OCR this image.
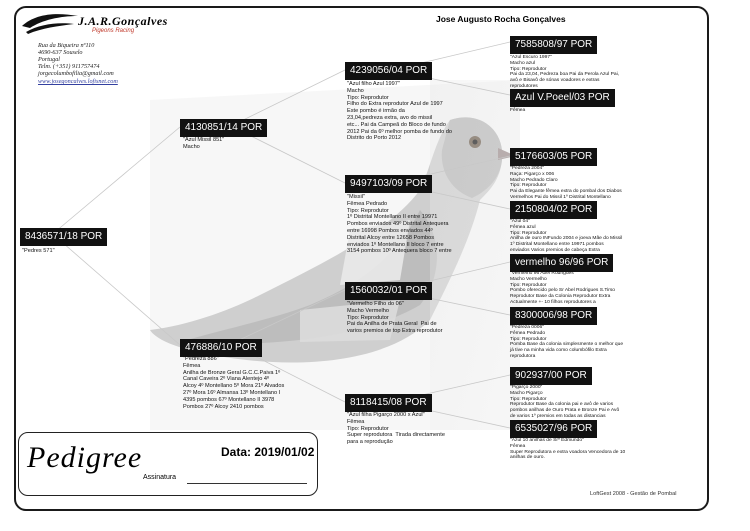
J.A.R.Gonçalves
Pigeons Racing
Rua da Biqueira nº110
4690-637 Souselo
Portugal
Telm. (+351) 911757474
jorgecolumbofilia@gmail.com
www.josegoncalves.lofisnet.com
Jose Augusto Rocha Gonçalves
8436571/18 POR
"Pedres 571"
4130851/14 POR
"Azul Missil 851"
Macho
476886/10 POR
"Pedreza 886"
Fêmea
Anilha de Bronze Geral G.C.C.Paiva 1º
Canal Caveira 2º Viana Alentejo 4º
Alcoy 4º Montellano 5º Mora 21º Alvados
27º Mora 16º Almansa 13º Montellano I
4395 pombos 67º Montellano II 3978
Pombos 27º Alcoy 2410 pombos
4239056/04 POR
"Azul filho Azul 1997"
Macho
Tipo: Reprodutor
Filho do Extra reprodutor Azul de 1997
Este pombo é irmão da
23,04,pedreza extra, avo do missil
etc... Pai da Campeã do Bloco de fundo
2012 Pai da 6º melhor pomba de fundo do
Distrito do Porto 2012
9497103/09 POR
"Missil"
Fêmea Pedrado
Tipo: Reprodutor
1º Distrital Montellano II entre 19971
Pombos enviados 49º Distrital Antequera
entre 16998 Pombos enviados 44º
Distrital Alcoy entre 12658 Pombos
enviados 1º Montellano II bloco 7 entre
3154 pombos 10º Antequera bloco 7 entre
1560032/01 POR
"Vermelho Filho do 06"
Macho Vermelho
Tipo: Reprodutor
Pai da Anilha de Prata Geral  Pai de
varios premios de top Extra reprodutor
8118415/08 POR
"Azul filha Pigarço 2000 x Azul"
Fêmea
Tipo: Reprodutor
Super reprodutora  Tirada directamente
para a reprodução
7585808/97 POR
"Azul Escuro 1997"
Macho azul
Tipo: Reprodutor
Pai da 23,04, Pedreza boa Pai da Perola Azul Pai,
avô e Bisavô de sónas voadores e extras
reprodutores
Azul V.Poeel/03 POR
Fêmea
5176603/05 POR
"Pedreza 2004"
Raça: Pigarço x 006
Macho Pedrado Claro
Tipo: Reprodutor
Pai da Elegante fêmea extra do pombal dos Diabos
Vermelhos Pai do Missil 1º Distrital Montellano
2150804/02 POR
"Azul 04"
Fêmea azul
Tipo: Reprodutor
Anilha de ouro INFundo 2004 e joeva Mãe do Missil
1º Distrital Montellano entre 19971 pombos
enviados Varios premios de cabeça Extra
vermelho 96/96 POR
"Vermelho 96 Abel Rodrigues"
Macho Vermelho
Tipo: Reprodutor
Pombo oferecido pelo Sr Abel Rodrigues S.Tirso
Reprodutor Base da Colonia Reprodutor Extra
Actualmente +- 10 filhos reprodutores a
8300006/98 POR
"Pedreza 0006"
Fêmea Pedrado
Tipo: Reprodutor
Pomba Base da colonia simplesmente o melhor que
já tive na minha vida como columbófilo Extra
reprodutora
902937/00 POR
"Pigarço 2000"
Macho Pigarço
Tipo: Reprodutor
Reprodutor Base da colonia pai e avô de varios
pombos anilhas de Ouro Prata e Bronze Pai e Avô
de varios 1º premios em todas as distancias
6535027/96 POR
"Azul 10 anilhas de Srª Edmundo"
Fêmea
Super Reprodutora e extra voadora Vencedora de 10
anilhas de ouro.
Pedigree	Data: 2019/01/02
Assinatura
LoftGest 2008 - Gestão de Pombal
